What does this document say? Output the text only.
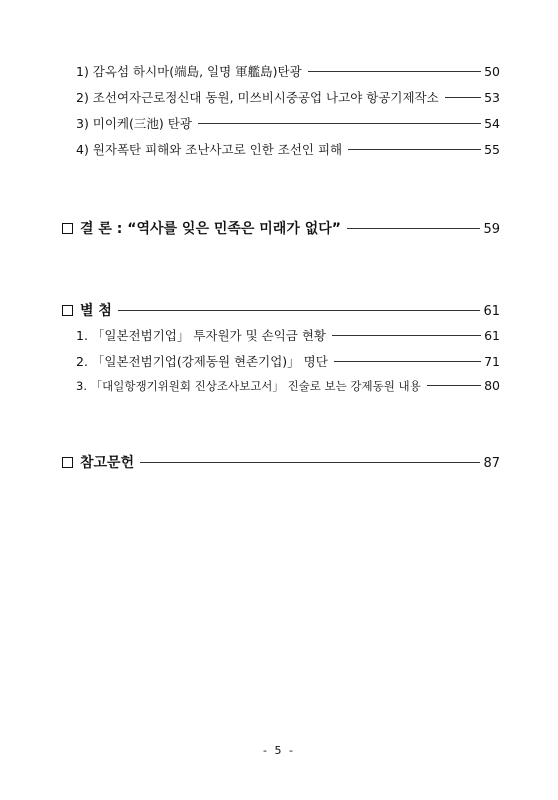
1) 감옥섬 하시마(端島, 일명 軍艦島)탄광	50
2) 조선여자근로정신대 동원, 미쓰비시중공업 나고야 항공기제작소	53
3) 미이케(三池) 탄광	54
4) 원자폭탄 피해와 조난사고로 인한 조선인 피해	55
결 론 : “역사를 잊은 민족은 미래가 없다”	59
별 첨	61
1. 「일본전범기업」 투자원가 및 손익금 현황	61
2. 「일본전범기업(강제동원 현존기업)」 명단	71
3. 「대일항쟁기위원회 진상조사보고서」 진술로 보는 강제동원 내용	80
참고문헌	87
- 5 -
